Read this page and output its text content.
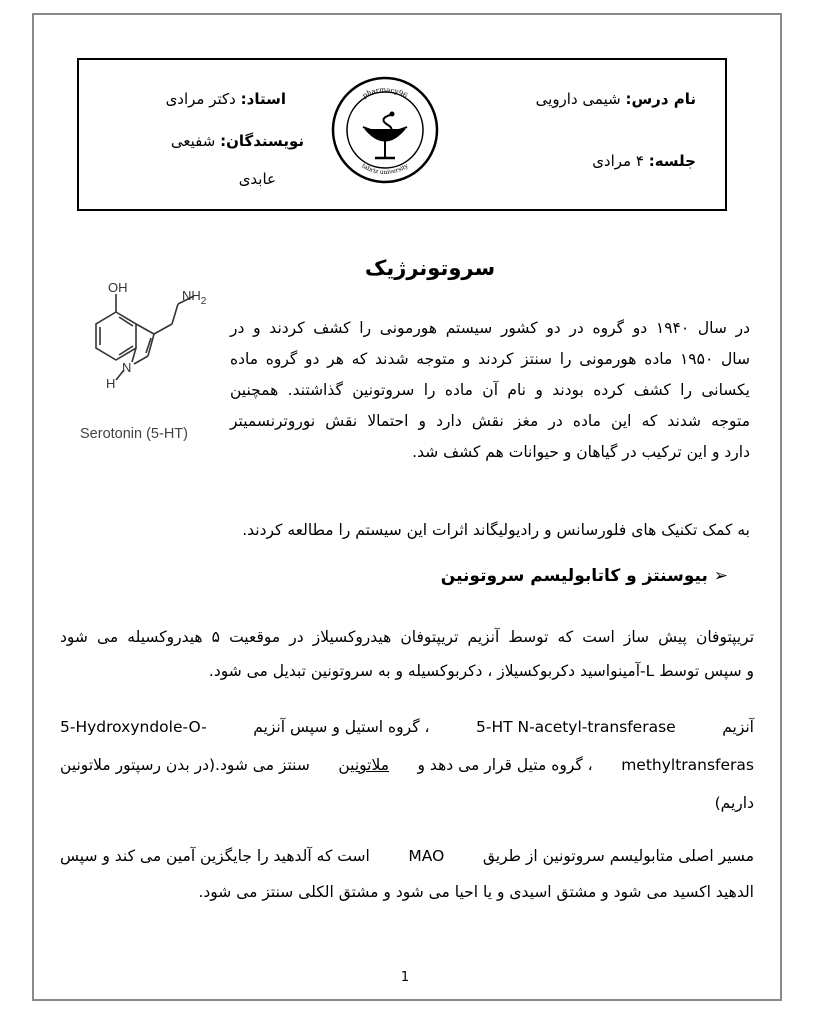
نام درس: شیمی دارویی
جلسه: ۴ مرادی
استاد: دکتر مرادی
نویسندگان: شفیعی
عابدی
pharmacy96
tabriz university
سروتونرژیک
OH
$NH_2$
N
H
Serotonin (5-HT)
در سال ۱۹۴۰ دو گروه در دو کشور سیستم هورمونی را کشف کردند و در
سال ۱۹۵۰ ماده هورمونی را سنتز کردند و متوجه شدند که هر دو گروه ماده
یکسانی را کشف کرده بودند و نام آن ماده را سروتونین گذاشتند. همچنین
متوجه شدند که این ماده در مغز نقش دارد و احتمالا نقش نوروترنسمیتر
دارد و این ترکیب در گیاهان و حیوانات هم کشف شد.
به کمک تکنیک های فلورسانس و رادیولیگاند اثرات این سیستم را مطالعه کردند.
➢ بیوسنتز و کاتابولیسم سروتونین
تریپتوفان پیش ساز است که توسط آنزیم تریپتوفان هیدروکسیلاز در موقعیت ۵ هیدروکسیله می شود
و سپس توسط L-آمینواسید دکربوکسیلاز ، دکربوکسیله و به سروتونین تبدیل می شود.
آنزیم
5-HT N-acetyl-transferase
، گروه استیل و سپس آنزیم
5-Hydroxyndole-O-
methyltransferas
، گروه متیل قرار می دهد و
ملاتونین
سنتز می شود.(در بدن رسپتور ملاتونین
داریم)
مسیر اصلی متابولیسم سروتونین از طریق
MAO
است که آلدهید را جایگزین آمین می کند و سپس
الدهید اکسید می شود و مشتق اسیدی و یا احیا می شود و مشتق الکلی سنتز می شود.
1
